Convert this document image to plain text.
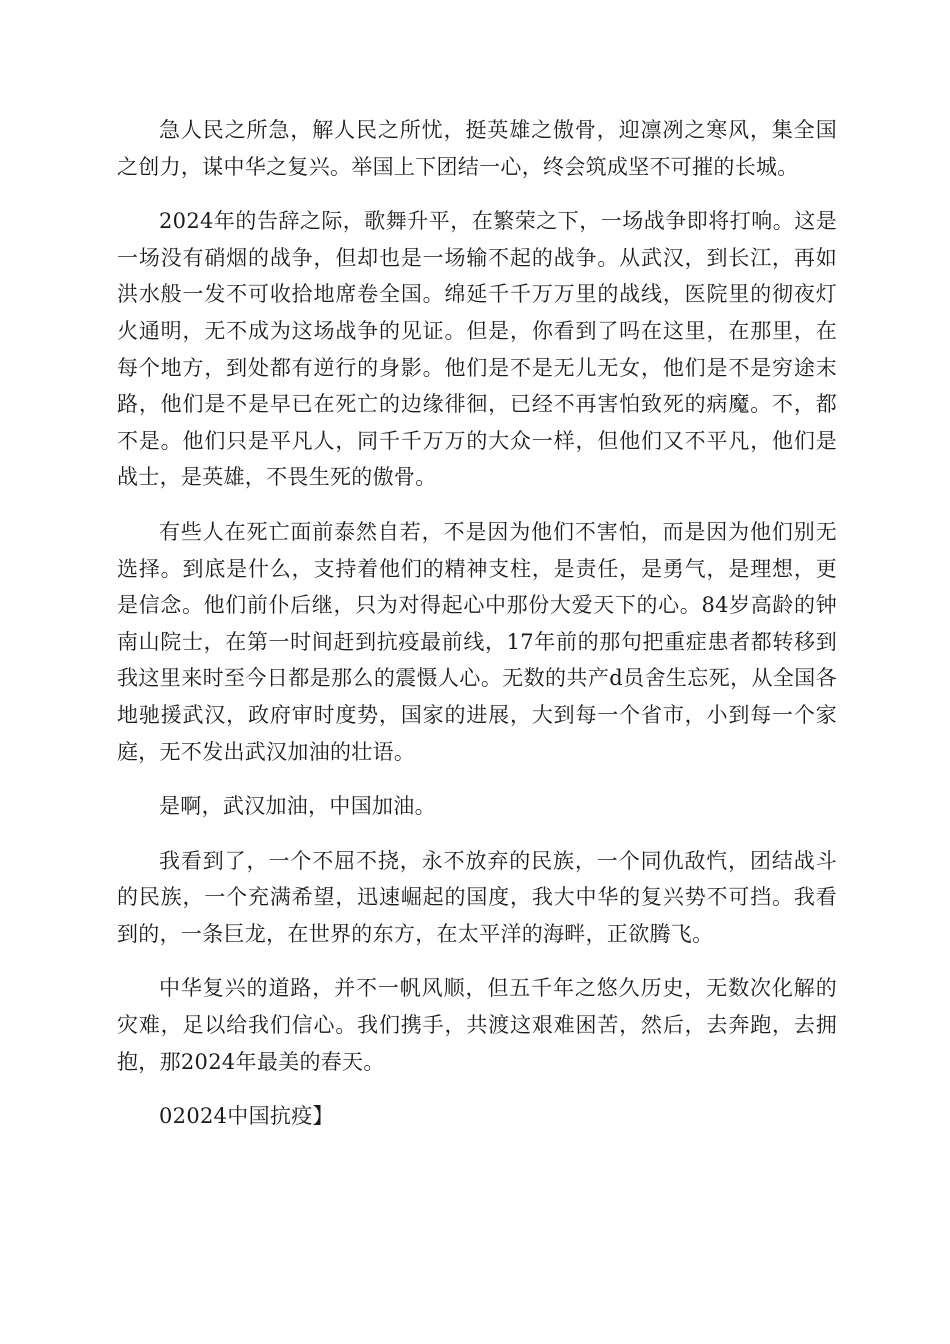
急人民之所急，解人民之所忧，挺英雄之傲骨，迎凛冽之寒风，集全国之创力，谋中华之复兴。举国上下团结一心，终会筑成坚不可摧的长城。

2024年的告辞之际，歌舞升平，在繁荣之下，一场战争即将打响。这是一场没有硝烟的战争，但却也是一场输不起的战争。从武汉，到长江，再如洪水般一发不可收拾地席卷全国。绵延千千万万里的战线，医院里的彻夜灯火通明，无不成为这场战争的见证。但是，你看到了吗在这里，在那里，在每个地方，到处都有逆行的身影。他们是不是无儿无女，他们是不是穷途末路，他们是不是早已在死亡的边缘徘徊，已经不再害怕致死的病魔。不，都不是。他们只是平凡人，同千千万万的大众一样，但他们又不平凡，他们是战士，是英雄，不畏生死的傲骨。

有些人在死亡面前泰然自若，不是因为他们不害怕，而是因为他们别无选择。到底是什么，支持着他们的精神支柱，是责任，是勇气，是理想，更是信念。他们前仆后继，只为对得起心中那份大爱天下的心。84岁高龄的钟南山院士，在第一时间赶到抗疫最前线，17年前的那句把重症患者都转移到我这里来时至今日都是那么的震慑人心。无数的共产d员舍生忘死，从全国各地驰援武汉，政府审时度势，国家的进展，大到每一个省市，小到每一个家庭，无不发出武汉加油的壮语。

是啊，武汉加油，中国加油。

我看到了，一个不屈不挠，永不放弃的民族，一个同仇敌忾，团结战斗的民族，一个充满希望，迅速崛起的国度，我大中华的复兴势不可挡。我看到的，一条巨龙，在世界的东方，在太平洋的海畔，正欲腾飞。

中华复兴的道路，并不一帆风顺，但五千年之悠久历史，无数次化解的灾难，足以给我们信心。我们携手，共渡这艰难困苦，然后，去奔跑，去拥抱，那2024年最美的春天。

02024中国抗疫】
